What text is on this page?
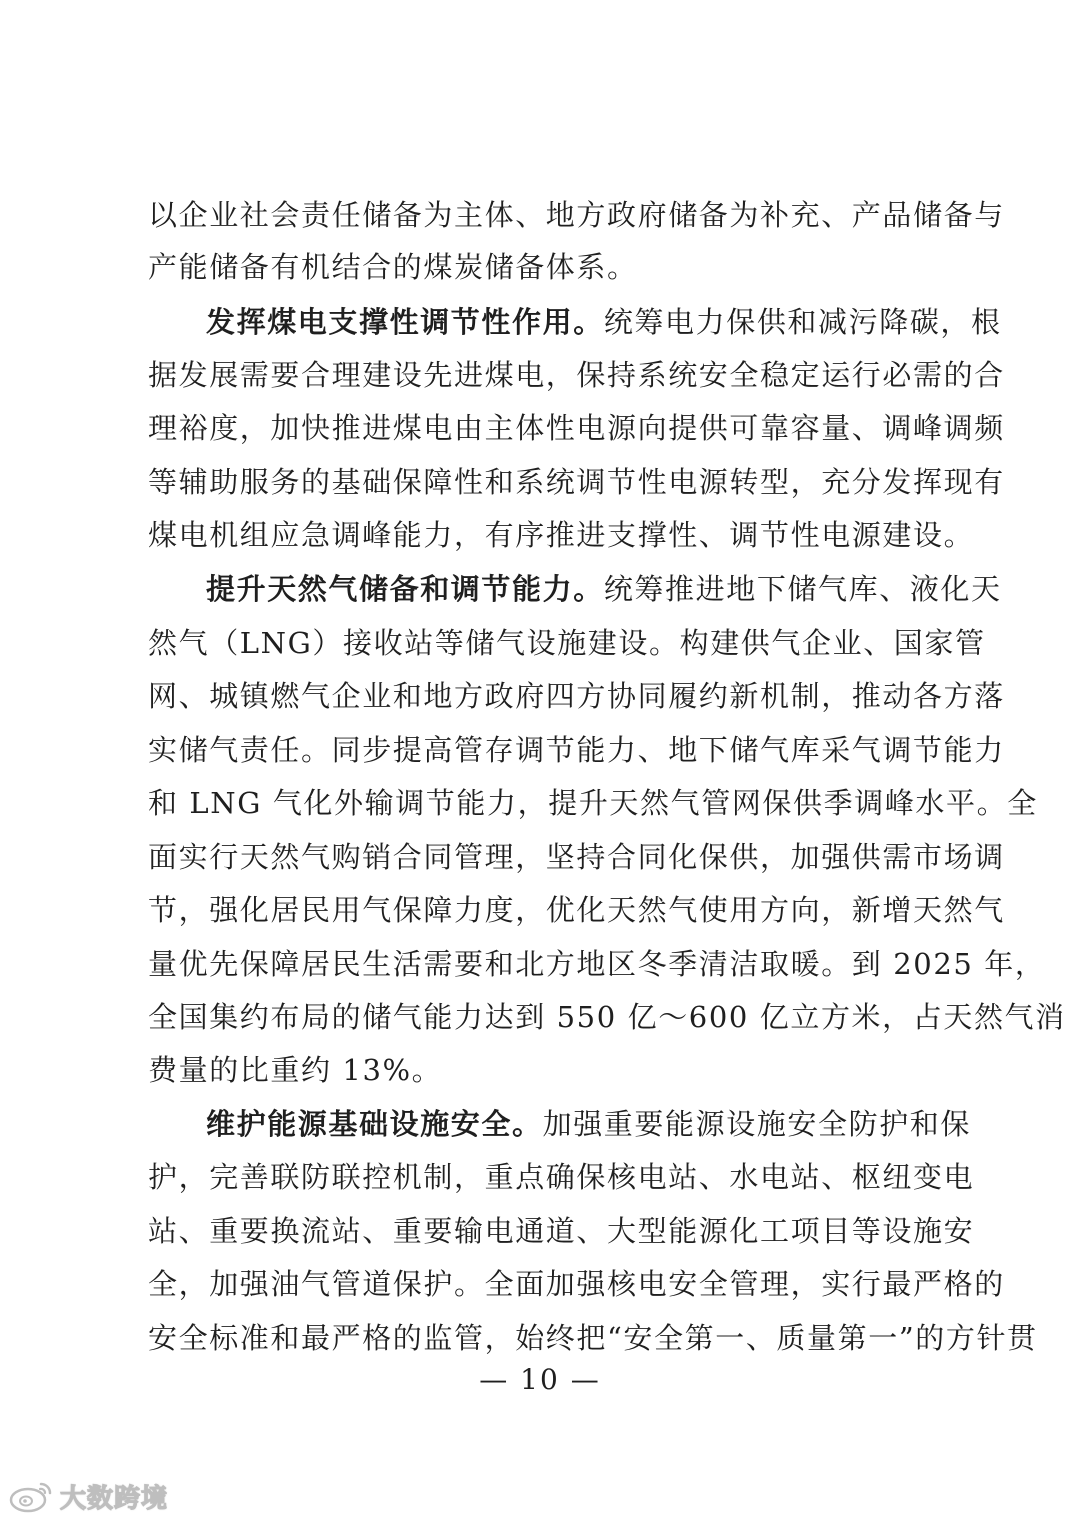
以企业社会责任储备为主体、地方政府储备为补充、产品储备与
产能储备有机结合的煤炭储备体系。
发挥煤电支撑性调节性作用。统筹电力保供和减污降碳，根
据发展需要合理建设先进煤电，保持系统安全稳定运行必需的合
理裕度，加快推进煤电由主体性电源向提供可靠容量、调峰调频
等辅助服务的基础保障性和系统调节性电源转型，充分发挥现有
煤电机组应急调峰能力，有序推进支撑性、调节性电源建设。
提升天然气储备和调节能力。统筹推进地下储气库、液化天
然气（LNG）接收站等储气设施建设。构建供气企业、国家管
网、城镇燃气企业和地方政府四方协同履约新机制，推动各方落
实储气责任。同步提高管存调节能力、地下储气库采气调节能力
和 LNG 气化外输调节能力，提升天然气管网保供季调峰水平。全
面实行天然气购销合同管理，坚持合同化保供，加强供需市场调
节，强化居民用气保障力度，优化天然气使用方向，新增天然气
量优先保障居民生活需要和北方地区冬季清洁取暖。到 2025 年，
全国集约布局的储气能力达到 550 亿～600 亿立方米，占天然气消
费量的比重约 13%。
维护能源基础设施安全。加强重要能源设施安全防护和保
护，完善联防联控机制，重点确保核电站、水电站、枢纽变电
站、重要换流站、重要输电通道、大型能源化工项目等设施安
全，加强油气管道保护。全面加强核电安全管理，实行最严格的
安全标准和最严格的监管，始终把“安全第一、质量第一”的方针贯
— 10 —
大数跨境
